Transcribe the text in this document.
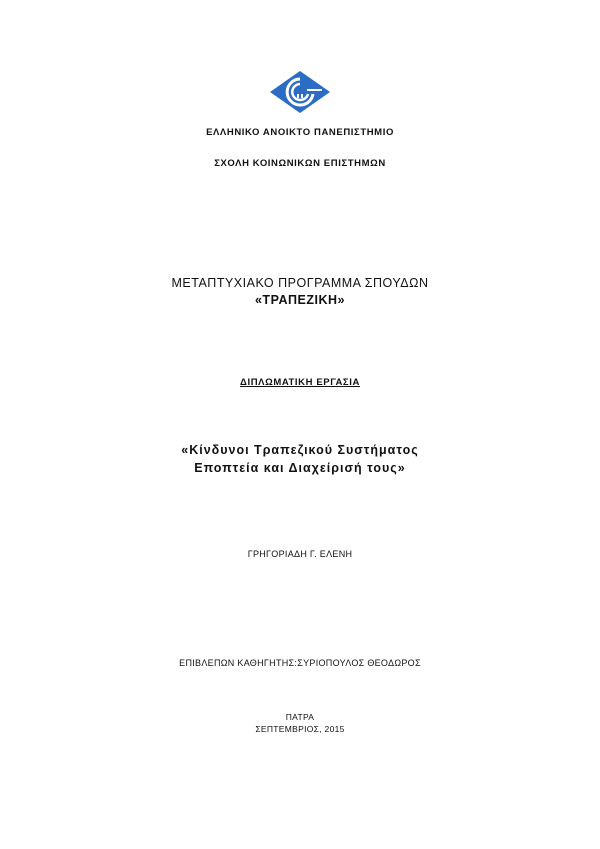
ΕΛΛΗΝΙΚΟ ΑΝΟΙΚΤΟ ΠΑΝΕΠΙΣΤΗΜΙΟ
ΣΧΟΛΗ ΚΟΙΝΩΝΙΚΩΝ ΕΠΙΣΤΗΜΩΝ
ΜΕΤΑΠΤΥΧΙΑΚΟ ΠΡΟΓΡΑΜΜΑ ΣΠΟΥΔΩΝ
«ΤΡΑΠΕΖΙΚΗ»
ΔΙΠΛΩΜΑΤΙΚΗ ΕΡΓΑΣΙΑ
«Κίνδυνοι Τραπεζικού Συστήματος
Εποπτεία και Διαχείρισή τους»
ΓΡΗΓΟΡΙΑΔΗ Γ. ΕΛΕΝΗ
ΕΠΙΒΛΕΠΩΝ ΚΑΘΗΓΗΤΗΣ:ΣΥΡΙΟΠΟΥΛΟΣ ΘΕΟΔΩΡΟΣ
ΠΑΤΡΑ
ΣΕΠΤΕΜΒΡΙΟΣ, 2015
